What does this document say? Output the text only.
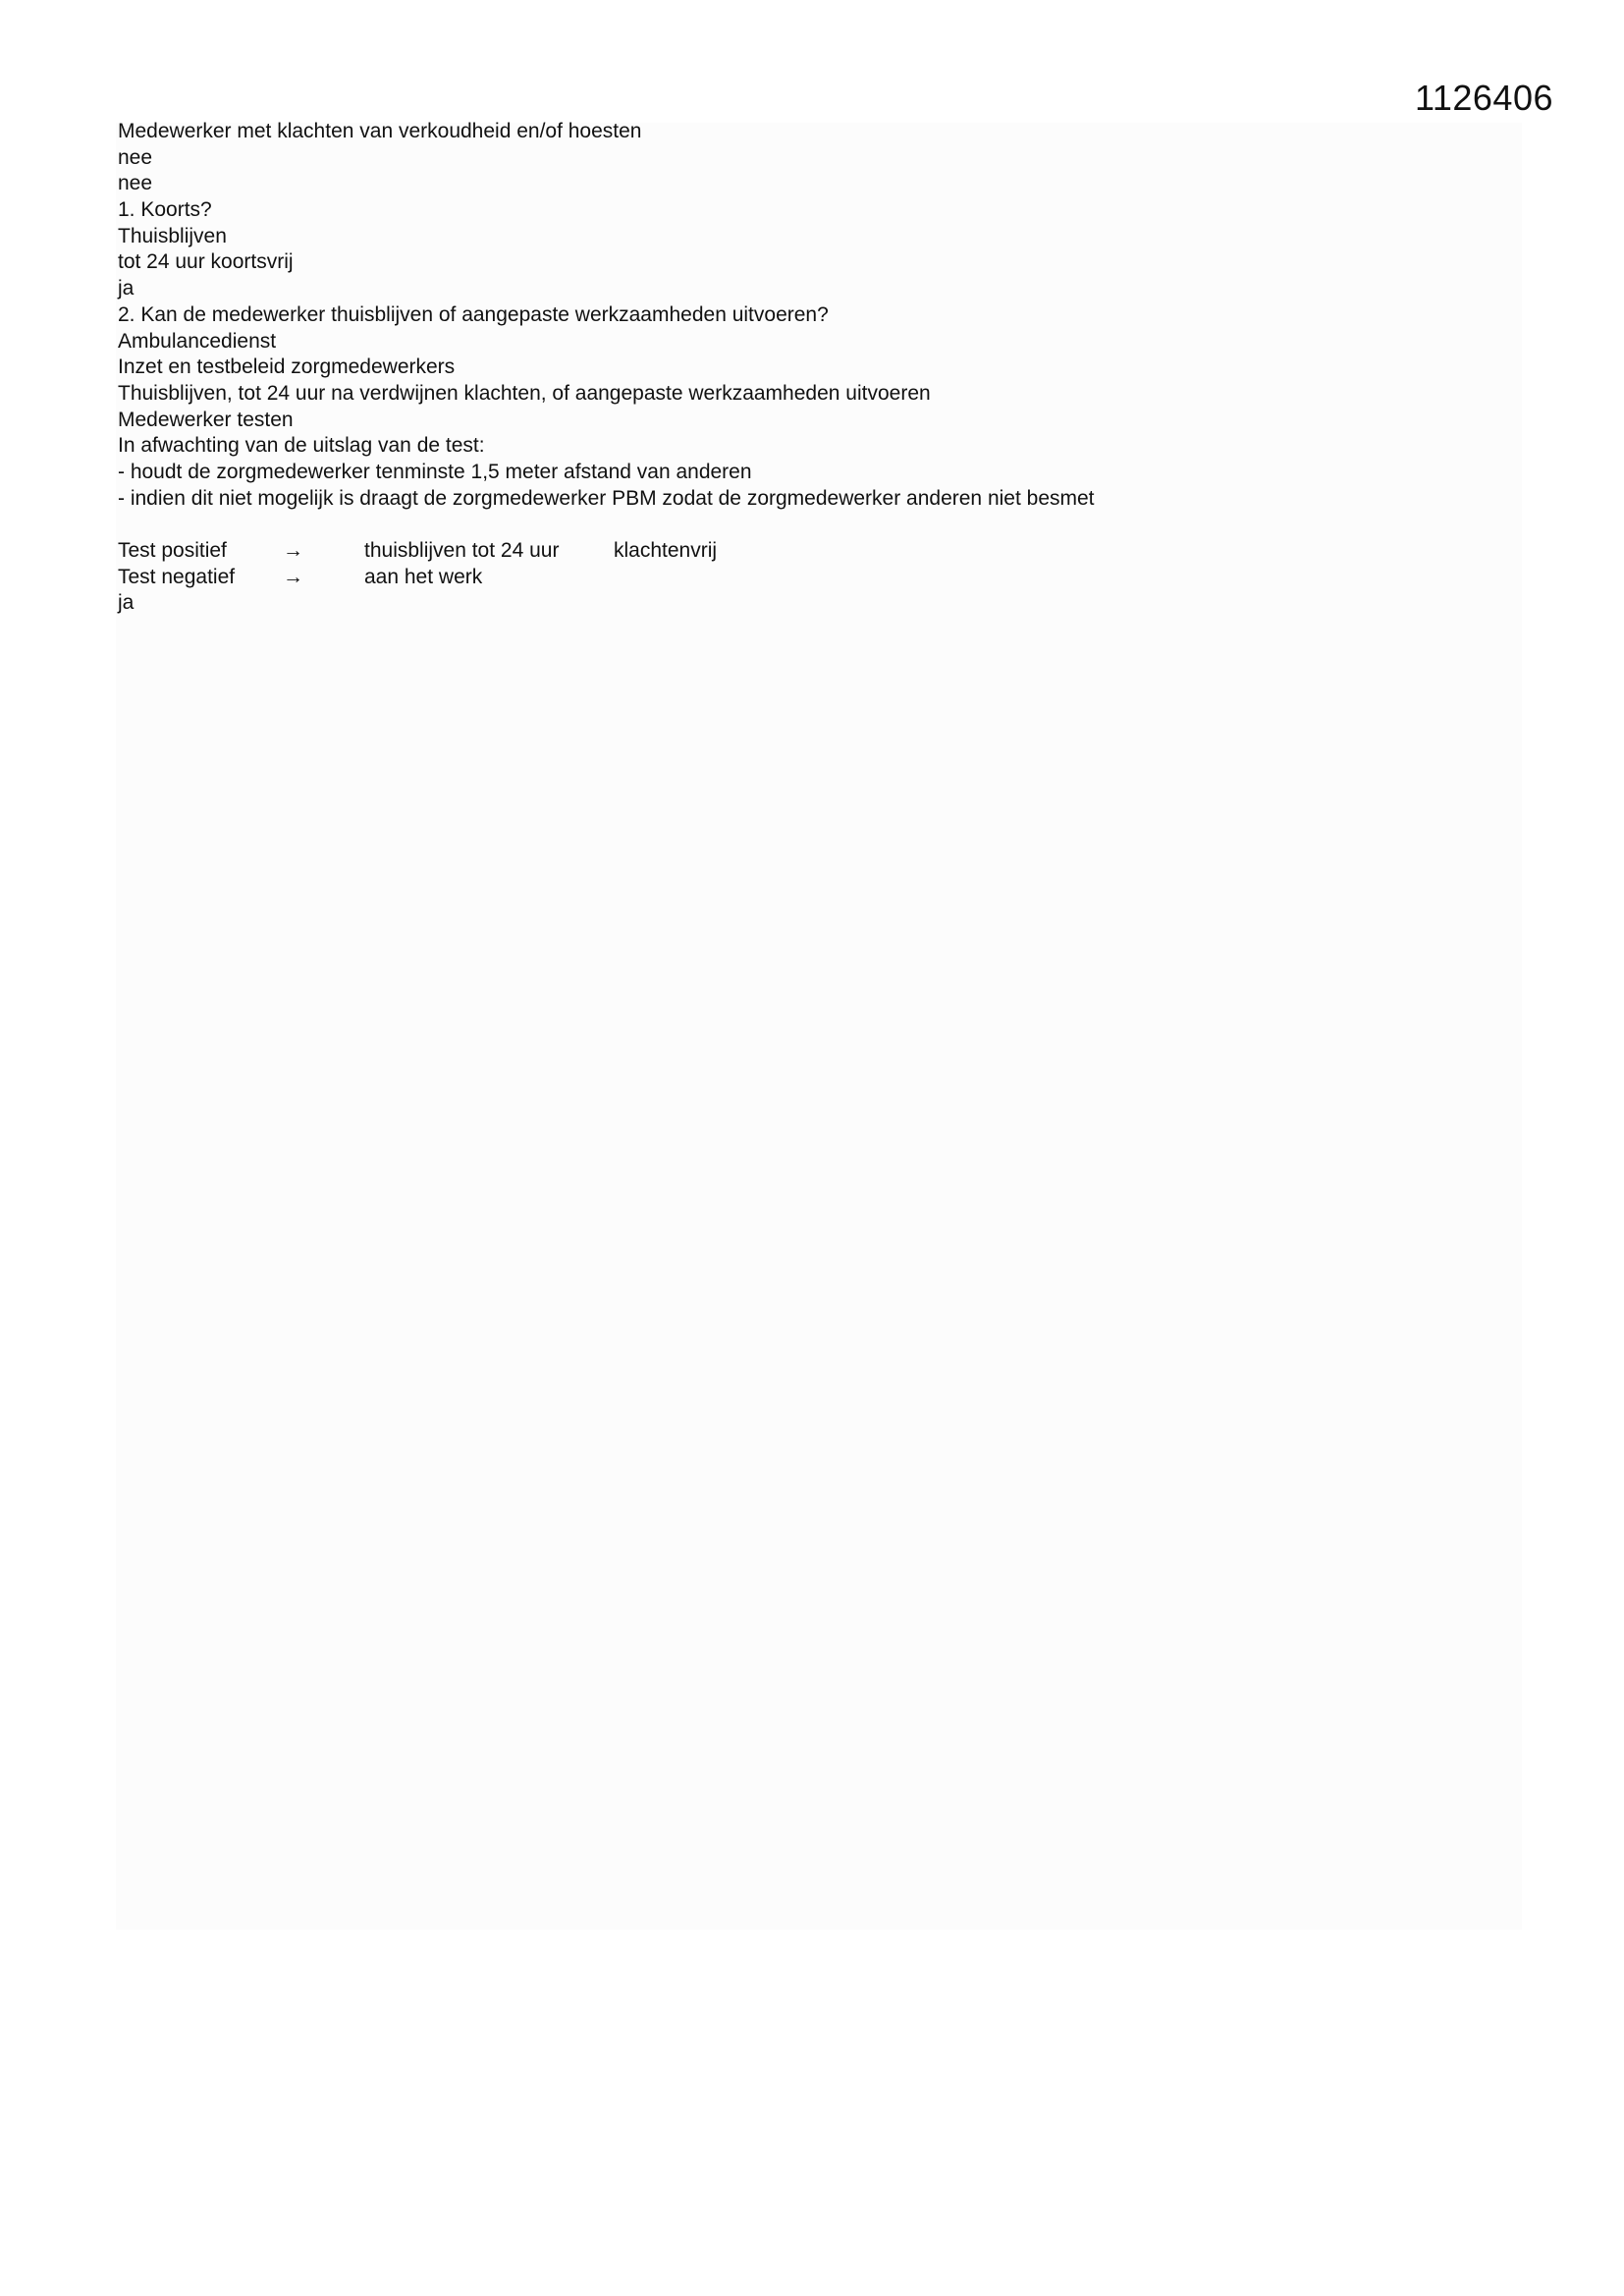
1126406
Medewerker met klachten van verkoudheid en/of hoesten
nee
nee
1. Koorts?
Thuisblijven
tot 24 uur koortsvrij
ja
2. Kan de medewerker thuisblijven of aangepaste werkzaamheden uitvoeren?
Ambulancedienst
Inzet en testbeleid zorgmedewerkers
Thuisblijven, tot 24 uur na verdwijnen klachten, of aangepaste werkzaamheden uitvoeren
Medewerker testen
In afwachting van de uitslag van de test:
- houdt de zorgmedewerker tenminste 1,5 meter afstand van anderen
- indien dit niet mogelijk is draagt de zorgmedewerker PBM zodat de zorgmedewerker anderen niet besmet
Test positief	→	thuisblijven tot 24 uur	klachtenvrij
Test negatief →	aan het werk
ja
